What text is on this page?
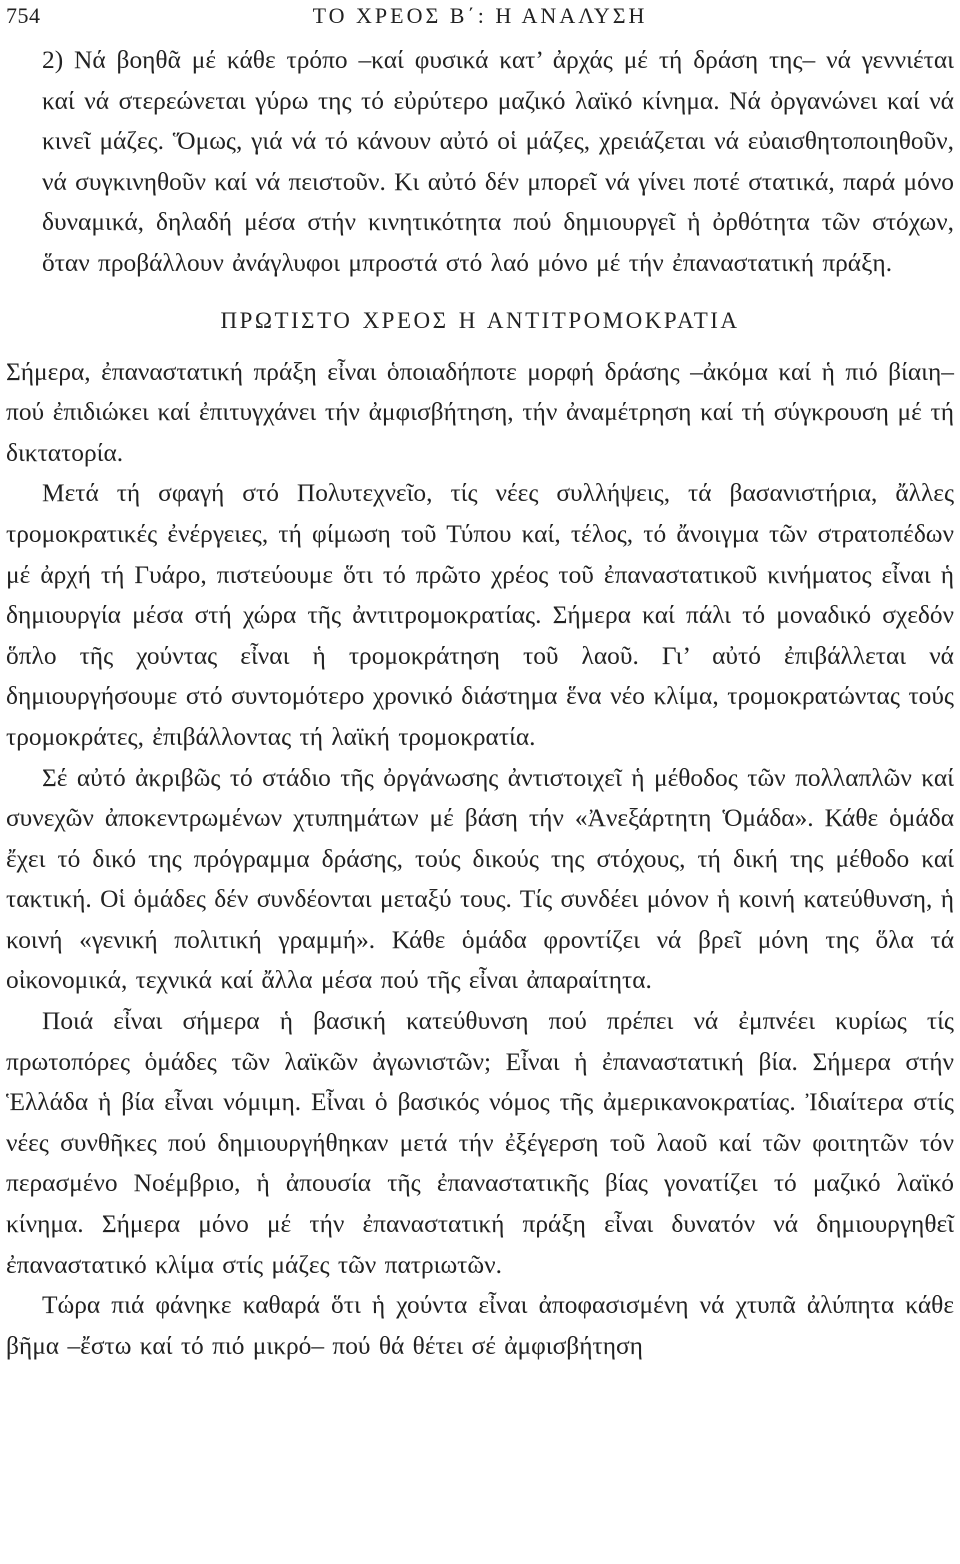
754	ΤΟ ΧΡΕΟΣ Β΄: Η ΑΝΑΛΥΣΗ

2) Νά βοηθᾶ μέ κάθε τρόπο –καί φυσικά κατ’ ἀρχάς μέ τή δράση της– νά γεννιέται καί νά στερεώνεται γύρω της τό εὐρύτερο μαζικό λαϊκό κίνημα. Νά ὀργανώνει καί νά κινεῖ μάζες. Ὅμως, γιά νά τό κάνουν αὐτό οἱ μάζες, χρειάζεται νά εὐαισθητοποιηθοῦν, νά συγκινηθοῦν καί νά πειστοῦν. Κι αὐτό δέν μπορεῖ νά γίνει ποτέ στατικά, παρά μόνο δυναμικά, δηλαδή μέσα στήν κινητικότητα πού δημιουργεῖ ἡ ὀρθότητα τῶν στόχων, ὅταν προβάλλουν ἀνάγλυφοι μπροστά στό λαό μόνο μέ τήν ἐπαναστατική πράξη.

ΠΡΩΤΙΣΤΟ ΧΡΕΟΣ Η ΑΝΤΙΤΡΟΜΟΚΡΑΤΙΑ

Σήμερα, ἐπαναστατική πράξη εἶναι ὁποιαδήποτε μορφή δράσης –ἀκόμα καί ἡ πιό βίαιη– πού ἐπιδιώκει καί ἐπιτυγχάνει τήν ἀμφισβήτηση, τήν ἀναμέτρηση καί τή σύγκρουση μέ τή δικτατορία.

Μετά τή σφαγή στό Πολυτεχνεῖο, τίς νέες συλλήψεις, τά βασανιστήρια, ἄλλες τρομοκρατικές ἐνέργειες, τή φίμωση τοῦ Τύπου καί, τέλος, τό ἄνοιγμα τῶν στρατοπέδων μέ ἀρχή τή Γυάρο, πιστεύουμε ὅτι τό πρῶτο χρέος τοῦ ἐπαναστατικοῦ κινήματος εἶναι ἡ δημιουργία μέσα στή χώρα τῆς ἀντιτρομοκρατίας. Σήμερα καί πάλι τό μοναδικό σχεδόν ὅπλο τῆς χούντας εἶναι ἡ τρομοκράτηση τοῦ λαοῦ. Γι’ αὐτό ἐπιβάλλεται νά δημιουργήσουμε στό συντομότερο χρονικό διάστημα ἕνα νέο κλίμα, τρομοκρατώντας τούς τρομοκράτες, ἐπιβάλλοντας τή λαϊκή τρομοκρατία.

Σέ αὐτό ἀκριβῶς τό στάδιο τῆς ὀργάνωσης ἀντιστοιχεῖ ἡ μέθοδος τῶν πολλαπλῶν καί συνεχῶν ἀποκεντρωμένων χτυπημάτων μέ βάση τήν «Ἀνεξάρτητη Ὁμάδα». Κάθε ὁμάδα ἔχει τό δικό της πρόγραμμα δράσης, τούς δικούς της στόχους, τή δική της μέθοδο καί τακτική. Οἱ ὁμάδες δέν συνδέονται μεταξύ τους. Τίς συνδέει μόνον ἡ κοινή κατεύθυνση, ἡ κοινή «γενική πολιτική γραμμή». Κάθε ὁμάδα φροντίζει νά βρεῖ μόνη της ὅλα τά οἰκονομικά, τεχνικά καί ἄλλα μέσα πού τῆς εἶναι ἀπαραίτητα.

Ποιά εἶναι σήμερα ἡ βασική κατεύθυνση πού πρέπει νά ἐμπνέει κυρίως τίς πρωτοπόρες ὁμάδες τῶν λαϊκῶν ἀγωνιστῶν; Εἶναι ἡ ἐπαναστατική βία. Σήμερα στήν Ἑλλάδα ἡ βία εἶναι νόμιμη. Εἶναι ὁ βασικός νόμος τῆς ἀμερικανοκρατίας. Ἰδιαίτερα στίς νέες συνθῆκες πού δημιουργήθηκαν μετά τήν ἐξέγερση τοῦ λαοῦ καί τῶν φοιτητῶν τόν περασμένο Νοέμβριο, ἡ ἀπουσία τῆς ἐπαναστατικῆς βίας γονατίζει τό μαζικό λαϊκό κίνημα. Σήμερα μόνο μέ τήν ἐπαναστατική πράξη εἶναι δυνατόν νά δημιουργηθεῖ ἐπαναστατικό κλίμα στίς μάζες τῶν πατριωτῶν.

Τώρα πιά φάνηκε καθαρά ὅτι ἡ χούντα εἶναι ἀποφασισμένη νά χτυπᾶ ἀλύπητα κάθε βῆμα –ἔστω καί τό πιό μικρό– πού θά θέτει σέ ἀμφισβήτηση
